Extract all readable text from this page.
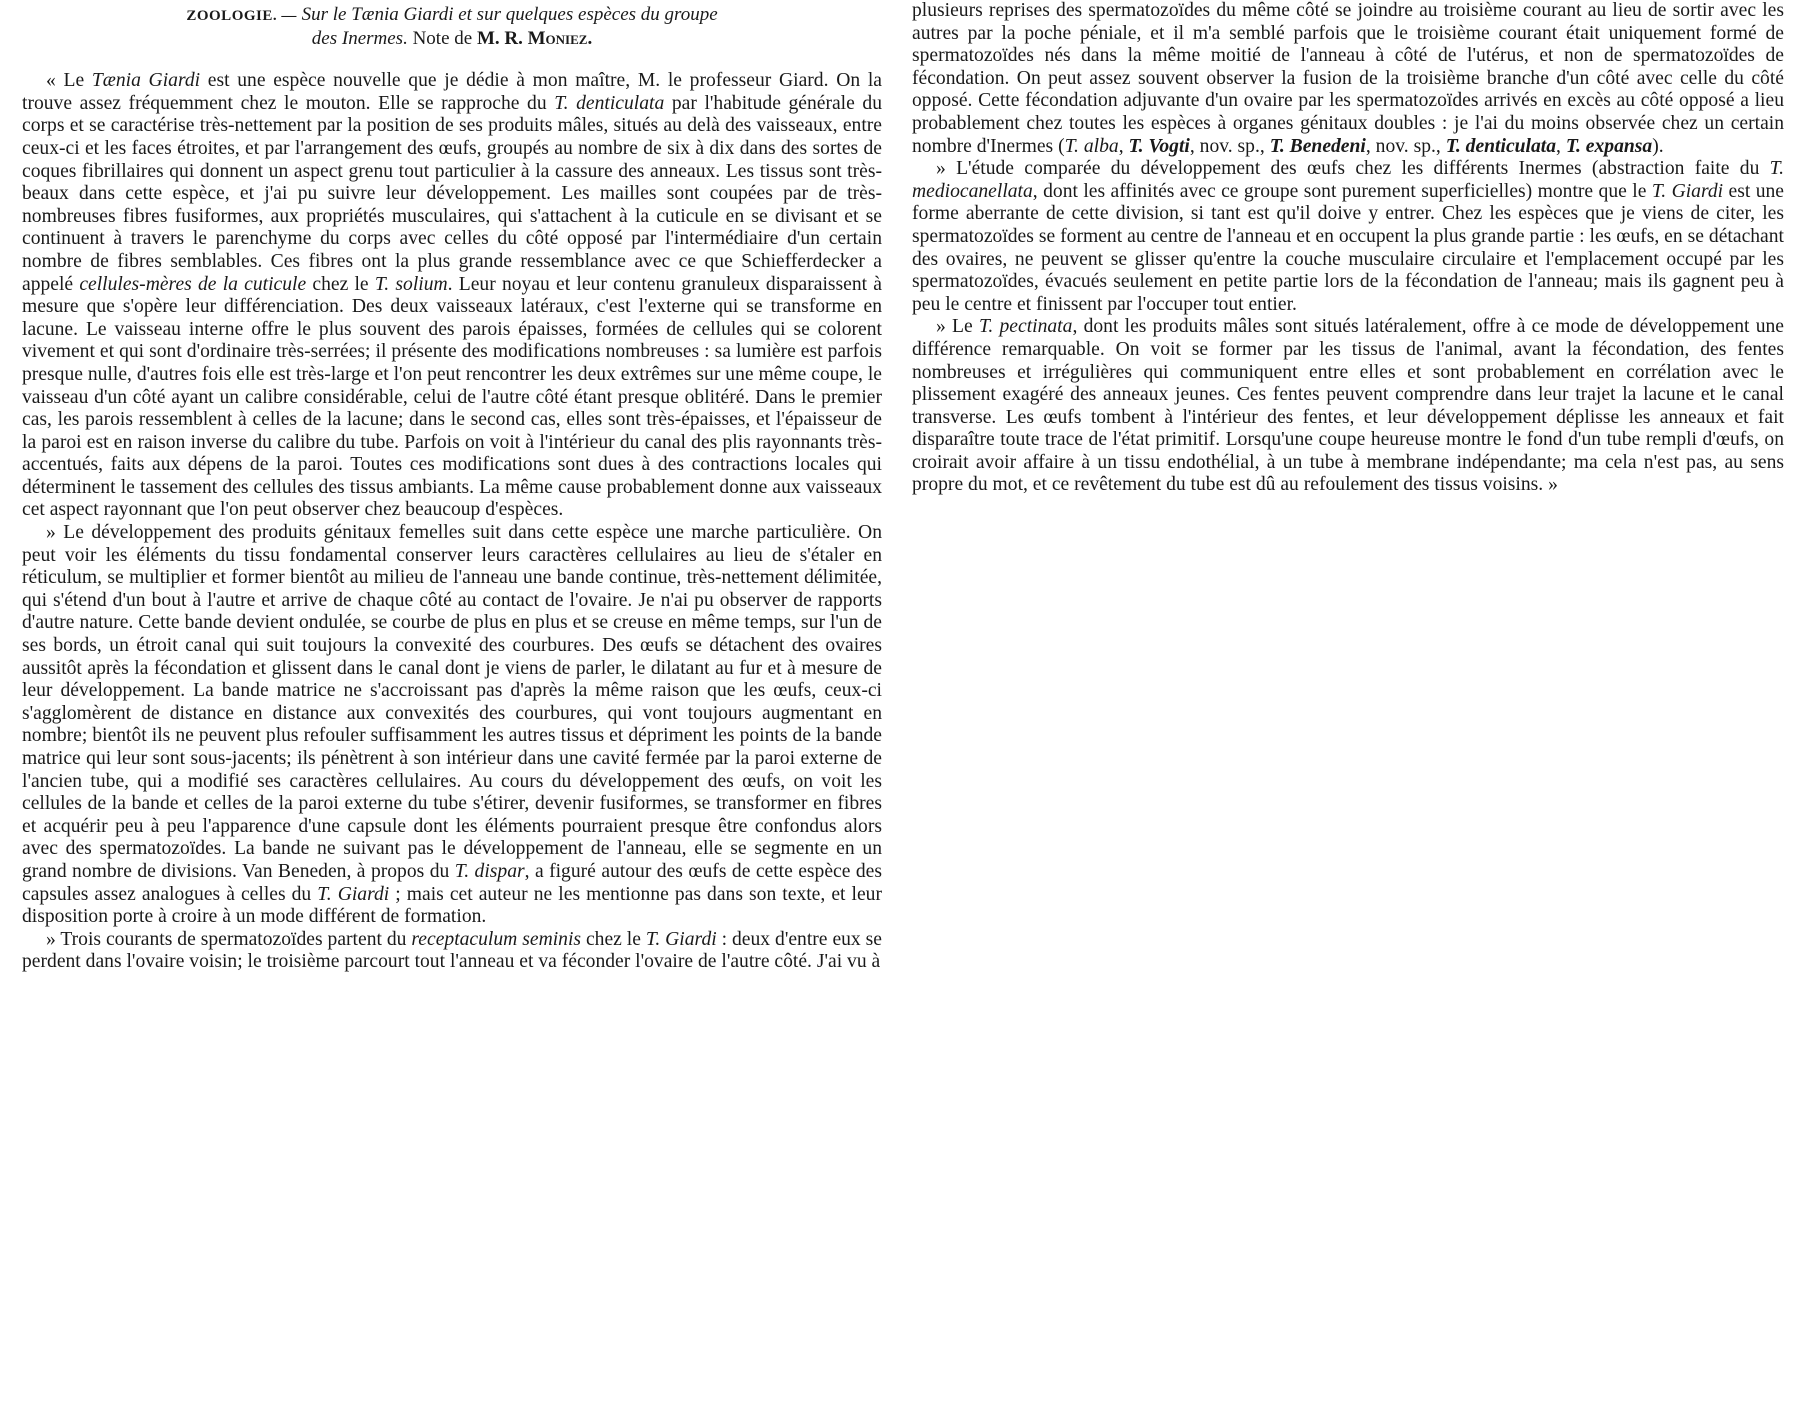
ZOOLOGIE. — Sur le Tænia Giardi et sur quelques espèces du groupe
des Inermes. Note de M. R. Moniez.

« Le Tænia Giardi est une espèce nouvelle que je dédie à mon maître, M. le professeur Giard. On la trouve assez fréquemment chez le mouton. Elle se rapproche du T. denticulata par l'habitude générale du corps et se caractérise très-nettement par la position de ses produits mâles, situés au delà des vaisseaux, entre ceux-ci et les faces étroites, et par l'arrangement des œufs, groupés au nombre de six à dix dans des sortes de coques fibrillaires qui donnent un aspect grenu tout particulier à la cassure des anneaux. Les tissus sont très-beaux dans cette espèce, et j'ai pu suivre leur développement. Les mailles sont coupées par de très-nombreuses fibres fusiformes, aux propriétés musculaires, qui s'attachent à la cuticule en se divisant et se continuent à travers le parenchyme du corps avec celles du côté opposé par l'intermédiaire d'un certain nombre de fibres semblables. Ces fibres ont la plus grande ressemblance avec ce que Schiefferdecker a appelé cellules-mères de la cuticule chez le T. solium. Leur noyau et leur contenu granuleux disparaissent à mesure que s'opère leur différenciation. Des deux vaisseaux latéraux, c'est l'externe qui se transforme en lacune. Le vaisseau interne offre le plus souvent des parois épaisses, formées de cellules qui se colorent vivement et qui sont d'ordinaire très-serrées; il présente des modifications nombreuses : sa lumière est parfois presque nulle, d'autres fois elle est très-large et l'on peut rencontrer les deux extrêmes sur une même coupe, le vaisseau d'un côté ayant un calibre considérable, celui de l'autre côté étant presque oblitéré. Dans le premier cas, les parois ressemblent à celles de la lacune; dans le second cas, elles sont très-épaisses, et l'épaisseur de la paroi est en raison inverse du calibre du tube. Parfois on voit à l'intérieur du canal des plis rayonnants très-accentués, faits aux dépens de la paroi. Toutes ces modifications sont dues à des contractions locales qui déterminent le tassement des cellules des tissus ambiants. La même cause probablement donne aux vaisseaux cet aspect rayonnant que l'on peut observer chez beaucoup d'espèces.

» Le développement des produits génitaux femelles suit dans cette espèce une marche particulière. On peut voir les éléments du tissu fondamental conserver leurs caractères cellulaires au lieu de s'étaler en réticulum, se multiplier et former bientôt au milieu de l'anneau une bande continue, très-nettement délimitée, qui s'étend d'un bout à l'autre et arrive de chaque côté au contact de l'ovaire. Je n'ai pu observer de rapports d'autre nature. Cette bande devient ondulée, se courbe de plus en plus et se creuse en même temps, sur l'un de ses bords, un étroit canal qui suit toujours la convexité des courbures. Des œufs se détachent des ovaires aussitôt après la fécondation et glissent dans le canal dont je viens de parler, le dilatant au fur et à mesure de leur développement. La bande matrice ne s'accroissant pas d'après la même raison que les œufs, ceux-ci s'agglomèrent de distance en distance aux convexités des courbures, qui vont toujours augmentant en nombre; bientôt ils ne peuvent plus refouler suffisamment les autres tissus et dépriment les points de la bande matrice qui leur sont sous-jacents; ils pénètrent à son intérieur dans une cavité fermée par la paroi externe de l'ancien tube, qui a modifié ses caractères cellulaires. Au cours du développement des œufs, on voit les cellules de la bande et celles de la paroi externe du tube s'étirer, devenir fusiformes, se transformer en fibres et acquérir peu à peu l'apparence d'une capsule dont les éléments pourraient presque être confondus alors avec des spermatozoïdes. La bande ne suivant pas le développement de l'anneau, elle se segmente en un grand nombre de divisions. Van Beneden, à propos du T. dispar, a figuré autour des œufs de cette espèce des capsules assez analogues à celles du T. Giardi ; mais cet auteur ne les mentionne pas dans son texte, et leur disposition porte à croire à un mode différent de formation.

» Trois courants de spermatozoïdes partent du receptaculum seminis chez le T. Giardi : deux d'entre eux se perdent dans l'ovaire voisin; le troisième parcourt tout l'anneau et va féconder l'ovaire de l'autre côté. J'ai vu à

plusieurs reprises des spermatozoïdes du même côté se joindre au troisième courant au lieu de sortir avec les autres par la poche péniale, et il m'a semblé parfois que le troisième courant était uniquement formé de spermatozoïdes nés dans la même moitié de l'anneau à côté de l'utérus, et non de spermatozoïdes de fécondation. On peut assez souvent observer la fusion de la troisième branche d'un côté avec celle du côté opposé. Cette fécondation adjuvante d'un ovaire par les spermatozoïdes arrivés en excès au côté opposé a lieu probablement chez toutes les espèces à organes génitaux doubles : je l'ai du moins observée chez un certain nombre d'Inermes (T. alba, T. Vogti, nov. sp., T. Benedeni, nov. sp., T. denticulata, T. expansa).

» L'étude comparée du développement des œufs chez les différents Inermes (abstraction faite du T. mediocanellata, dont les affinités avec ce groupe sont purement superficielles) montre que le T. Giardi est une forme aberrante de cette division, si tant est qu'il doive y entrer. Chez les espèces que je viens de citer, les spermatozoïdes se forment au centre de l'anneau et en occupent la plus grande partie : les œufs, en se détachant des ovaires, ne peuvent se glisser qu'entre la couche musculaire circulaire et l'emplacement occupé par les spermatozoïdes, évacués seulement en petite partie lors de la fécondation de l'anneau; mais ils gagnent peu à peu le centre et finissent par l'occuper tout entier.

» Le T. pectinata, dont les produits mâles sont situés latéralement, offre à ce mode de développement une différence remarquable. On voit se former par les tissus de l'animal, avant la fécondation, des fentes nombreuses et irrégulières qui communiquent entre elles et sont probablement en corrélation avec le plissement exagéré des anneaux jeunes. Ces fentes peuvent comprendre dans leur trajet la lacune et le canal transverse. Les œufs tombent à l'intérieur des fentes, et leur développement déplisse les anneaux et fait disparaître toute trace de l'état primitif. Lorsqu'une coupe heureuse montre le fond d'un tube rempli d'œufs, on croirait avoir affaire à un tissu endothélial, à un tube à membrane indépendante; ma cela n'est pas, au sens propre du mot, et ce revêtement du tube est dû au refoulement des tissus voisins. »
